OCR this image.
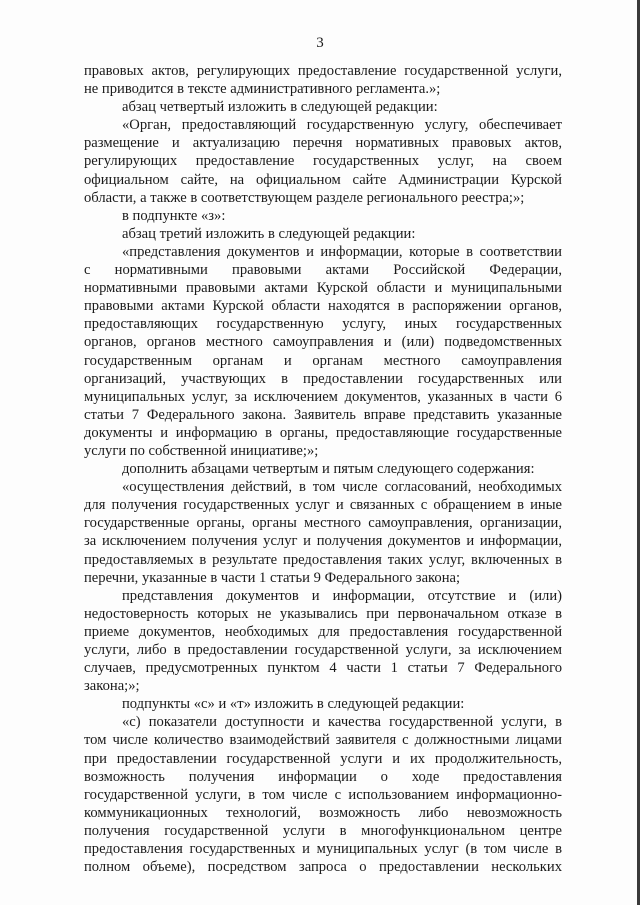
3
правовых актов, регулирующих предоставление государственной услуги,
не приводится в тексте административного регламента.»;
абзац четвертый изложить в следующей редакции:
«Орган, предоставляющий государственную услугу, обеспечивает
размещение и актуализацию перечня нормативных правовых актов,
регулирующих предоставление государственных услуг, на своем
официальном сайте, на официальном сайте Администрации Курской
области, а также в соответствующем разделе регионального реестра;»;
в подпункте «з»:
абзац третий изложить в следующей редакции:
«представления документов и информации, которые в соответствии
с нормативными правовыми актами Российской Федерации,
нормативными правовыми актами Курской области и муниципальными
правовыми актами Курской области находятся в распоряжении органов,
предоставляющих государственную услугу, иных государственных
органов, органов местного самоуправления и (или) подведомственных
государственным органам и органам местного самоуправления
организаций, участвующих в предоставлении государственных или
муниципальных услуг, за исключением документов, указанных в части 6
статьи 7 Федерального закона. Заявитель вправе представить указанные
документы и информацию в органы, предоставляющие государственные
услуги по собственной инициативе;»;
дополнить абзацами четвертым и пятым следующего содержания:
«осуществления действий, в том числе согласований, необходимых
для получения государственных услуг и связанных с обращением в иные
государственные органы, органы местного самоуправления, организации,
за исключением получения услуг и получения документов и информации,
предоставляемых в результате предоставления таких услуг, включенных в
перечни, указанные в части 1 статьи 9 Федерального закона;
представления документов и информации, отсутствие и (или)
недостоверность которых не указывались при первоначальном отказе в
приеме документов, необходимых для предоставления государственной
услуги, либо в предоставлении государственной услуги, за исключением
случаев, предусмотренных пунктом 4 части 1 статьи 7 Федерального
закона;»;
подпункты «с» и «т» изложить в следующей редакции:
«с) показатели доступности и качества государственной услуги, в
том числе количество взаимодействий заявителя с должностными лицами
при предоставлении государственной услуги и их продолжительность,
возможность получения информации о ходе предоставления
государственной услуги, в том числе с использованием информационно-
коммуникационных технологий, возможность либо невозможность
получения государственной услуги в многофункциональном центре
предоставления государственных и муниципальных услуг (в том числе в
полном объеме), посредством запроса о предоставлении нескольких
